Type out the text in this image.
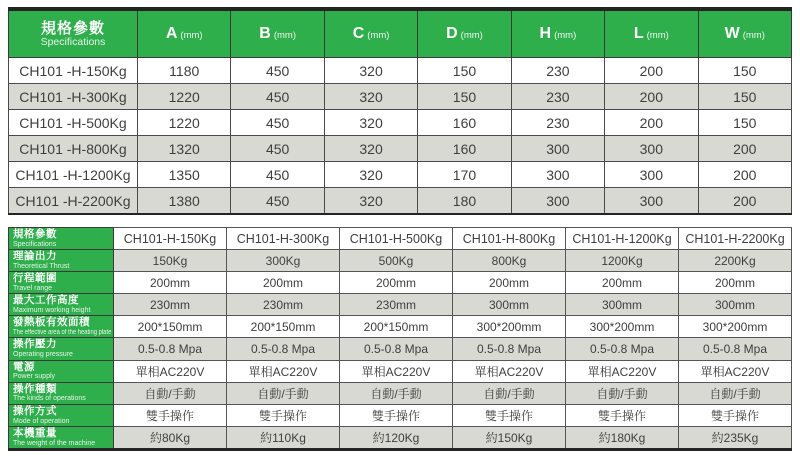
規格參數
Specifications	A (mm)	B (mm)	C (mm)	D (mm)	H (mm)	L (mm)	W (mm)
CH101 -H-150Kg	1180	450	320	150	230	200	150
CH101 -H-300Kg	1220	450	320	150	230	200	150
CH101 -H-500Kg	1220	450	320	160	230	200	150
CH101 -H-800Kg	1320	450	320	160	300	300	200
CH101 -H-1200Kg	1350	450	320	170	300	300	200
CH101 -H-2200Kg	1380	450	320	180	300	300	200
規格參數
Specifications	CH101-H-150Kg	CH101-H-300Kg	CH101-H-500Kg	CH101-H-800Kg	CH101-H-1200Kg	CH101-H-2200Kg

理論出力
Theoretical Thrust	150Kg	300Kg	500Kg	800Kg	1200Kg	2200Kg

行程範圍
Travel range	200mm	200mm	200mm	200mm	200mm	200mm

最大工作高度
Maximum working height	230mm	230mm	230mm	300mm	300mm	300mm

發熱板有效面積
The effective area of the heating plate	200*150mm	200*150mm	200*150mm	300*200mm	300*200mm	300*200mm

操作壓力
Operating pressure	0.5-0.8 Mpa	0.5-0.8 Mpa	0.5-0.8 Mpa	0.5-0.8 Mpa	0.5-0.8 Mpa	0.5-0.8 Mpa

電源
Power supply	單相AC220V	單相AC220V	單相AC220V	單相AC220V	單相AC220V	單相AC220V

操作種類
The kinds of operations	自動/手動	自動/手動	自動/手動	自動/手動	自動/手動	自動/手動

操作方式
Mode of operation	雙手操作	雙手操作	雙手操作	雙手操作	雙手操作	雙手操作

本機重量
The weight of the machine	約80Kg	約110Kg	約120Kg	約150Kg	約180Kg	約235Kg
